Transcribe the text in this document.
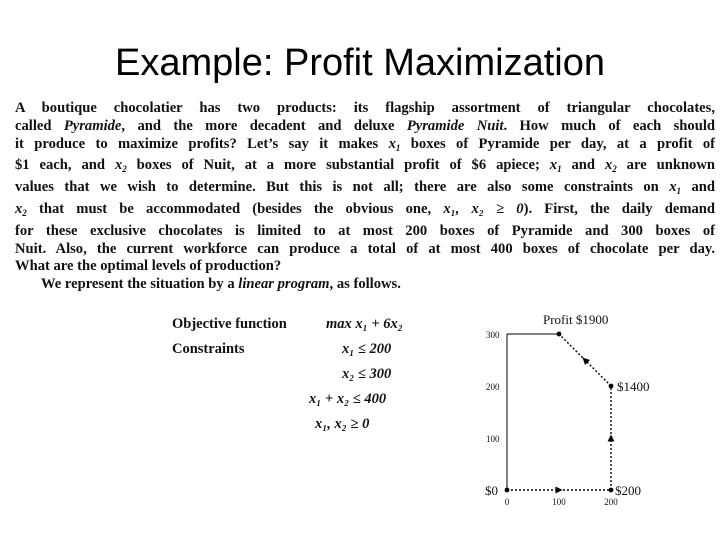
Example: Profit Maximization
A boutique chocolatier has two products: its flagship assortment of triangular chocolates,
called Pyramide, and the more decadent and deluxe Pyramide Nuit. How much of each should
it produce to maximize profits? Let’s say it makes $x_1$ boxes of Pyramide per day, at a profit of
$1 each, and $x_2$ boxes of Nuit, at a more substantial profit of $6 apiece; $x_1$ and $x_2$ are unknown
values that we wish to determine. But this is not all; there are also some constraints on $x_1$ and
$x_2$ that must be accommodated (besides the obvious one, x₁, x₂ ≥ 0). First, the daily demand
for these exclusive chocolates is limited to at most 200 boxes of Pyramide and 300 boxes of
Nuit. Also, the current workforce can produce a total of at most 400 boxes of chocolate per day.
What are the optimal levels of production?
We represent the situation by a linear program, as follows.
Objective function	max x₁ + 6x₂
Constraints	x₁ ≤ 200
x₂ ≤ 300
x₁ + x₂ ≤ 400
x₁, x₂ ≥ 0
$0	$200
$1400
Profit $1900
100
200
300
0	100	200
